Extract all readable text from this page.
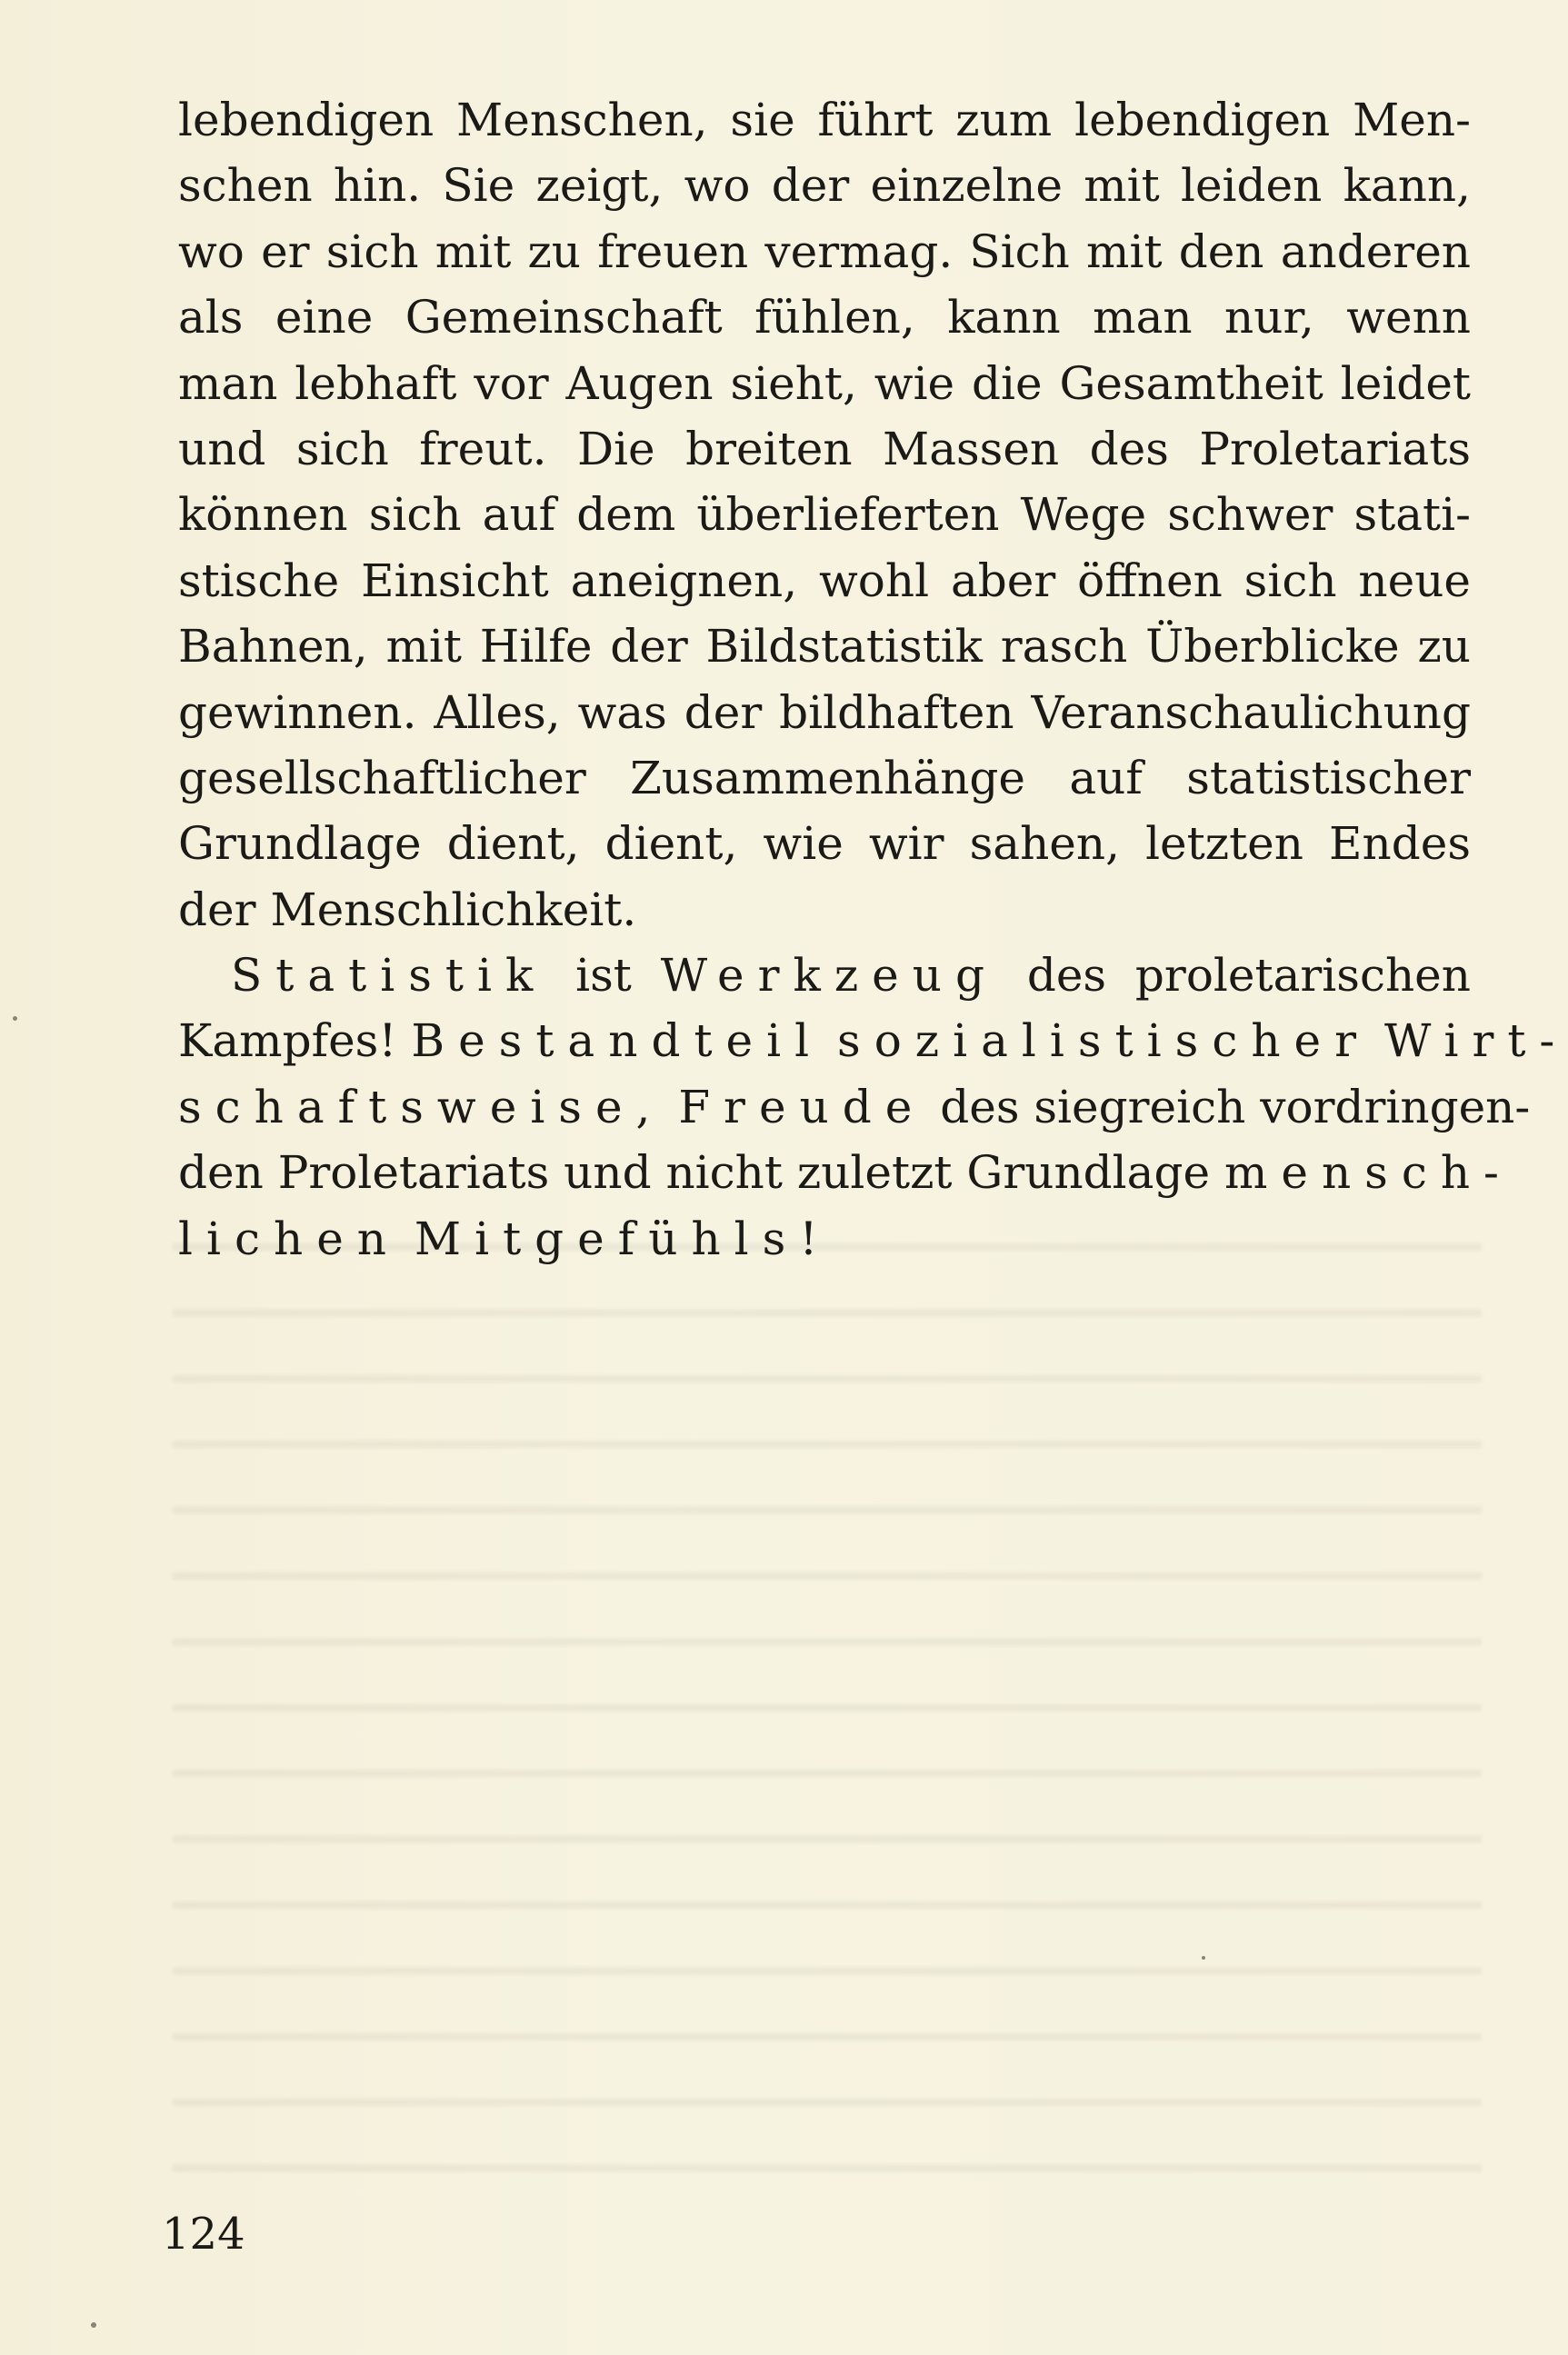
lebendigen Menschen, sie führt zum lebendigen Men-
schen hin. Sie zeigt, wo der einzelne mit leiden kann,
wo er sich mit zu freuen vermag. Sich mit den anderen
als eine Gemeinschaft fühlen, kann man nur, wenn
man lebhaft vor Augen sieht, wie die Gesamtheit leidet
und sich freut. Die breiten Massen des Proletariats
können sich auf dem überlieferten Wege schwer stati-
stische Einsicht aneignen, wohl aber öffnen sich neue
Bahnen, mit Hilfe der Bildstatistik rasch Überblicke zu
gewinnen. Alles, was der bildhaften Veranschaulichung
gesellschaftlicher Zusammenhänge auf statistischer
Grundlage dient, dient, wie wir sahen, letzten Endes
der Menschlichkeit.
Statistik ist Werkzeug des proletarischen
Kampfes! Bestandteil sozialistischer Wirt-
schaftsweise, Freude des siegreich vordringen-
den Proletariats und nicht zuletzt Grundlage mensch-
lichen Mitgefühls!
124
